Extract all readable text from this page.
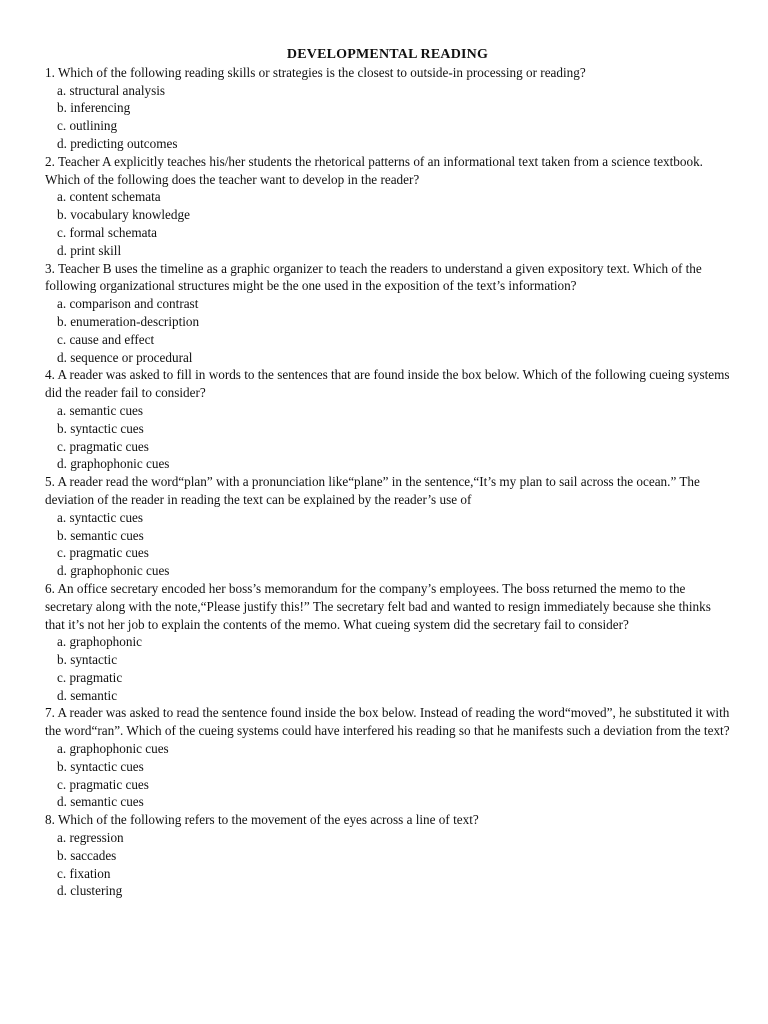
DEVELOPMENTAL READING
1. Which of the following reading skills or strategies is the closest to outside-in processing or reading?
a. structural analysis
b. inferencing
c. outlining
d. predicting outcomes
2. Teacher A explicitly teaches his/her students the rhetorical patterns of an informational text taken from a science textbook. Which of the following does the teacher want to develop in the reader?
a. content schemata
b. vocabulary knowledge
c. formal schemata
d. print skill
3. Teacher B uses the timeline as a graphic organizer to teach the readers to understand a given expository text. Which of the following organizational structures might be the one used in the exposition of the text’s information?
a. comparison and contrast
b. enumeration-description
c. cause and effect
d. sequence or procedural
4. A reader was asked to fill in words to the sentences that are found inside the box below. Which of the following cueing systems did the reader fail to consider?
a. semantic cues
b. syntactic cues
c. pragmatic cues
d. graphophonic cues
5. A reader read the word“plan” with a pronunciation like“plane” in the sentence,“It’s my plan to sail across the ocean.” The deviation of the reader in reading the text can be explained by the reader’s use of
a. syntactic cues
b. semantic cues
c. pragmatic cues
d. graphophonic cues
6. An office secretary encoded her boss’s memorandum for the company’s employees. The boss returned the memo to the secretary along with the note,“Please justify this!” The secretary felt bad and wanted to resign immediately because she thinks that it’s not her job to explain the contents of the memo. What cueing system did the secretary fail to consider?
a. graphophonic
b. syntactic
c. pragmatic
d. semantic
7. A reader was asked to read the sentence found inside the box below. Instead of reading the word“moved”, he substituted it with the word“ran”. Which of the cueing systems could have interfered his reading so that he manifests such a deviation from the text?
a. graphophonic cues
b. syntactic cues
c. pragmatic cues
d. semantic cues
8. Which of the following refers to the movement of the eyes across a line of text?
a. regression
b. saccades
c. fixation
d. clustering
